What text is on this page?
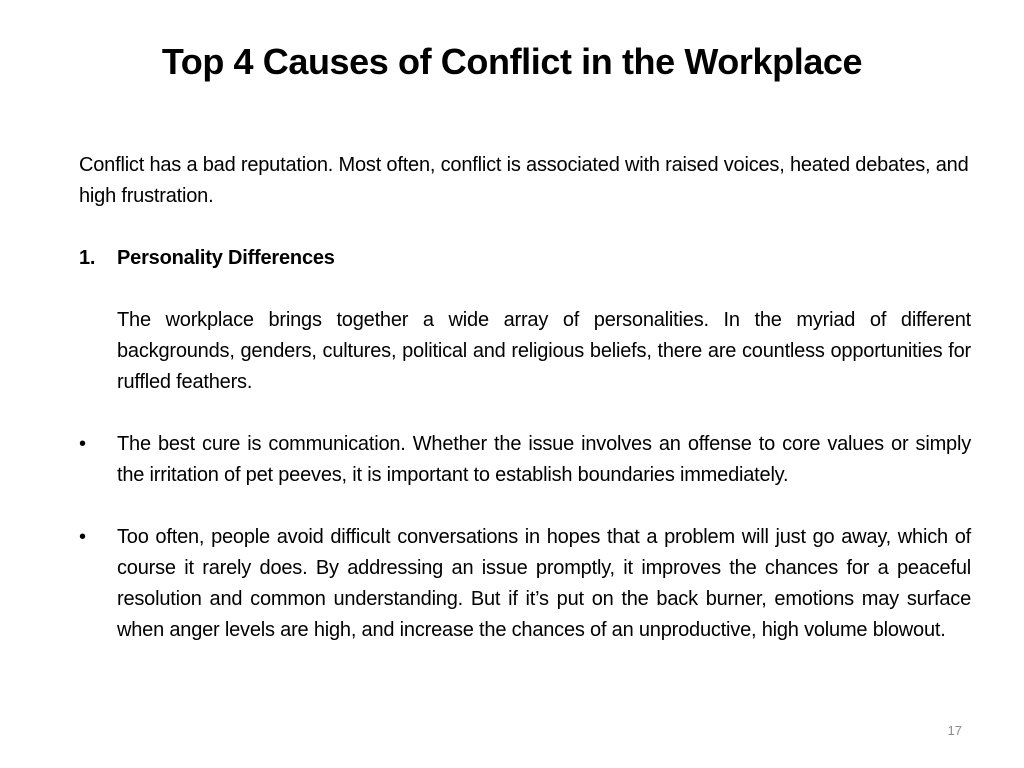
Top 4 Causes of Conflict in the Workplace

Conflict has a bad reputation. Most often, conflict is associated with raised voices, heated debates, and high frustration.

1.	Personality Differences

The workplace brings together a wide array of personalities. In the myriad of different backgrounds, genders, cultures, political and religious beliefs, there are countless opportunities for ruffled feathers.

•	The best cure is communication. Whether the issue involves an offense to core values or simply the irritation of pet peeves, it is important to establish boundaries immediately.
•	Too often, people avoid difficult conversations in hopes that a problem will just go away, which of course it rarely does. By addressing an issue promptly, it improves the chances for a peaceful resolution and common understanding. But if it’s put on the back burner, emotions may surface when anger levels are high, and increase the chances of an unproductive, high volume blowout.
17
